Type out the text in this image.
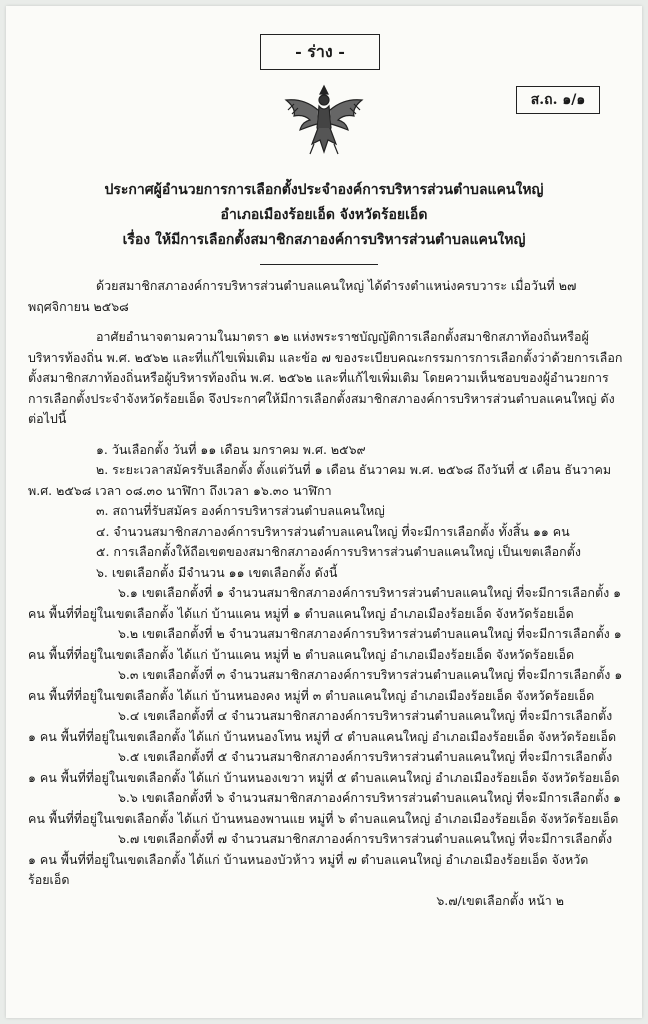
- ร่าง -
ส.ถ. ๑/๑
ประกาศผู้อำนวยการการเลือกตั้งประจำองค์การบริหารส่วนตำบลแคนใหญ่
อำเภอเมืองร้อยเอ็ด จังหวัดร้อยเอ็ด
เรื่อง ให้มีการเลือกตั้งสมาชิกสภาองค์การบริหารส่วนตำบลแคนใหญ่

ด้วยสมาชิกสภาองค์การบริหารส่วนตำบลแคนใหญ่ ได้ดำรงตำแหน่งครบวาระ เมื่อวันที่ ๒๗ พฤศจิกายน ๒๕๖๘

อาศัยอำนาจตามความในมาตรา ๑๒ แห่งพระราชบัญญัติการเลือกตั้งสมาชิกสภาท้องถิ่นหรือผู้บริหารท้องถิ่น พ.ศ. ๒๕๖๒ และที่แก้ไขเพิ่มเติม และข้อ ๗ ของระเบียบคณะกรรมการการเลือกตั้งว่าด้วยการเลือกตั้งสมาชิกสภาท้องถิ่นหรือผู้บริหารท้องถิ่น พ.ศ. ๒๕๖๒ และที่แก้ไขเพิ่มเติม โดยความเห็นชอบของผู้อำนวยการการเลือกตั้งประจำจังหวัดร้อยเอ็ด จึงประกาศให้มีการเลือกตั้งสมาชิกสภาองค์การบริหารส่วนตำบลแคนใหญ่ ดังต่อไปนี้

๑. วันเลือกตั้ง วันที่ ๑๑ เดือน มกราคม พ.ศ. ๒๕๖๙

๒. ระยะเวลาสมัครรับเลือกตั้ง ตั้งแต่วันที่ ๑ เดือน ธันวาคม พ.ศ. ๒๕๖๘ ถึงวันที่ ๕ เดือน ธันวาคม พ.ศ. ๒๕๖๘ เวลา ๐๘.๓๐ นาฬิกา ถึงเวลา ๑๖.๓๐ นาฬิกา

๓. สถานที่รับสมัคร องค์การบริหารส่วนตำบลแคนใหญ่

๔. จำนวนสมาชิกสภาองค์การบริหารส่วนตำบลแคนใหญ่ ที่จะมีการเลือกตั้ง ทั้งสิ้น ๑๑ คน

๕. การเลือกตั้งให้ถือเขตของสมาชิกสภาองค์การบริหารส่วนตำบลแคนใหญ่ เป็นเขตเลือกตั้ง

๖. เขตเลือกตั้ง มีจำนวน ๑๑ เขตเลือกตั้ง ดังนี้

๖.๑ เขตเลือกตั้งที่ ๑ จำนวนสมาชิกสภาองค์การบริหารส่วนตำบลแคนใหญ่ ที่จะมีการเลือกตั้ง ๑ คน พื้นที่ที่อยู่ในเขตเลือกตั้ง ได้แก่ บ้านแคน หมู่ที่ ๑ ตำบลแคนใหญ่ อำเภอเมืองร้อยเอ็ด จังหวัดร้อยเอ็ด

๖.๒ เขตเลือกตั้งที่ ๒ จำนวนสมาชิกสภาองค์การบริหารส่วนตำบลแคนใหญ่ ที่จะมีการเลือกตั้ง ๑ คน พื้นที่ที่อยู่ในเขตเลือกตั้ง ได้แก่ บ้านแคน หมู่ที่ ๒ ตำบลแคนใหญ่ อำเภอเมืองร้อยเอ็ด จังหวัดร้อยเอ็ด

๖.๓ เขตเลือกตั้งที่ ๓ จำนวนสมาชิกสภาองค์การบริหารส่วนตำบลแคนใหญ่ ที่จะมีการเลือกตั้ง ๑ คน พื้นที่ที่อยู่ในเขตเลือกตั้ง ได้แก่ บ้านหนองคง หมู่ที่ ๓ ตำบลแคนใหญ่ อำเภอเมืองร้อยเอ็ด จังหวัดร้อยเอ็ด

๖.๔ เขตเลือกตั้งที่ ๔ จำนวนสมาชิกสภาองค์การบริหารส่วนตำบลแคนใหญ่ ที่จะมีการเลือกตั้ง ๑ คน พื้นที่ที่อยู่ในเขตเลือกตั้ง ได้แก่ บ้านหนองโทน หมู่ที่ ๔ ตำบลแคนใหญ่ อำเภอเมืองร้อยเอ็ด จังหวัดร้อยเอ็ด

๖.๕ เขตเลือกตั้งที่ ๕ จำนวนสมาชิกสภาองค์การบริหารส่วนตำบลแคนใหญ่ ที่จะมีการเลือกตั้ง ๑ คน พื้นที่ที่อยู่ในเขตเลือกตั้ง ได้แก่ บ้านหนองเขวา หมู่ที่ ๕ ตำบลแคนใหญ่ อำเภอเมืองร้อยเอ็ด จังหวัดร้อยเอ็ด

๖.๖ เขตเลือกตั้งที่ ๖ จำนวนสมาชิกสภาองค์การบริหารส่วนตำบลแคนใหญ่ ที่จะมีการเลือกตั้ง ๑ คน พื้นที่ที่อยู่ในเขตเลือกตั้ง ได้แก่ บ้านหนองพานแย หมู่ที่ ๖ ตำบลแคนใหญ่ อำเภอเมืองร้อยเอ็ด จังหวัดร้อยเอ็ด

๖.๗ เขตเลือกตั้งที่ ๗ จำนวนสมาชิกสภาองค์การบริหารส่วนตำบลแคนใหญ่ ที่จะมีการเลือกตั้ง ๑ คน พื้นที่ที่อยู่ในเขตเลือกตั้ง ได้แก่ บ้านหนองบัวห้าว หมู่ที่ ๗ ตำบลแคนใหญ่ อำเภอเมืองร้อยเอ็ด จังหวัดร้อยเอ็ด

๖.๗/เขตเลือกตั้ง หน้า ๒
